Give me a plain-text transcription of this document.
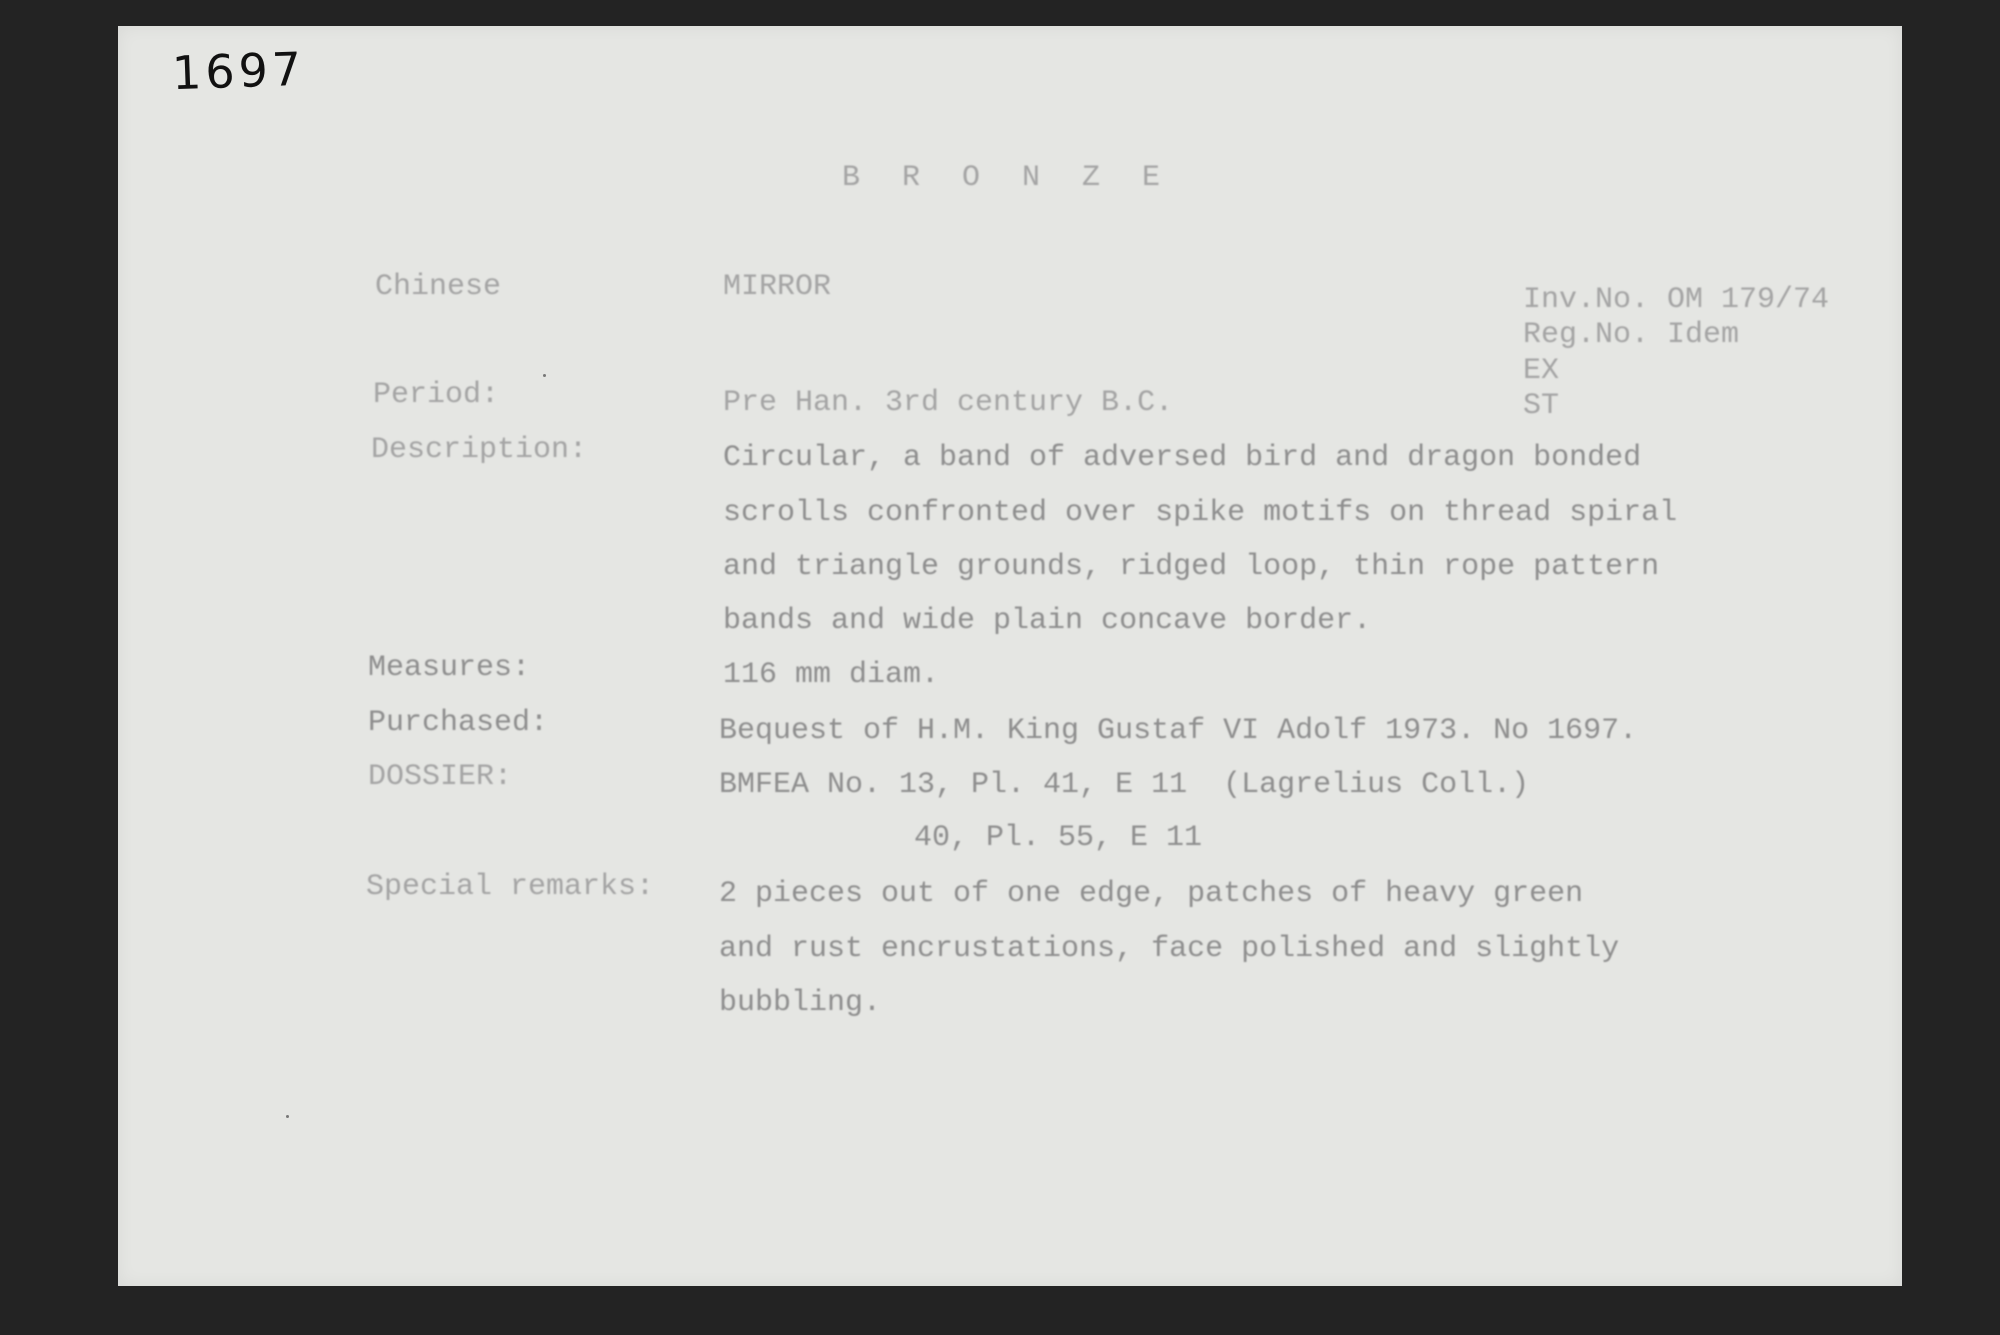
1697

B R O N Z E

Chinese

Period:

Description:

Measures:

Purchased:

DOSSIER:

Special remarks:

MIRROR	Inv.No. OM 179/74

Reg.No. Idem

EX

ST

Pre Han. 3rd century B.C.

Circular, a band of adversed bird and dragon bonded

scrolls confronted over spike motifs on thread spiral

and triangle grounds, ridged loop, thin rope pattern

bands and wide plain concave border.

116 mm diam.

Bequest of H.M. King Gustaf VI Adolf 1973. No 1697.

BMFEA No. 13, Pl. 41, E 11  (Lagrelius Coll.)

40, Pl. 55, E 11

2 pieces out of one edge, patches of heavy green

and rust encrustations, face polished and slightly

bubbling.
